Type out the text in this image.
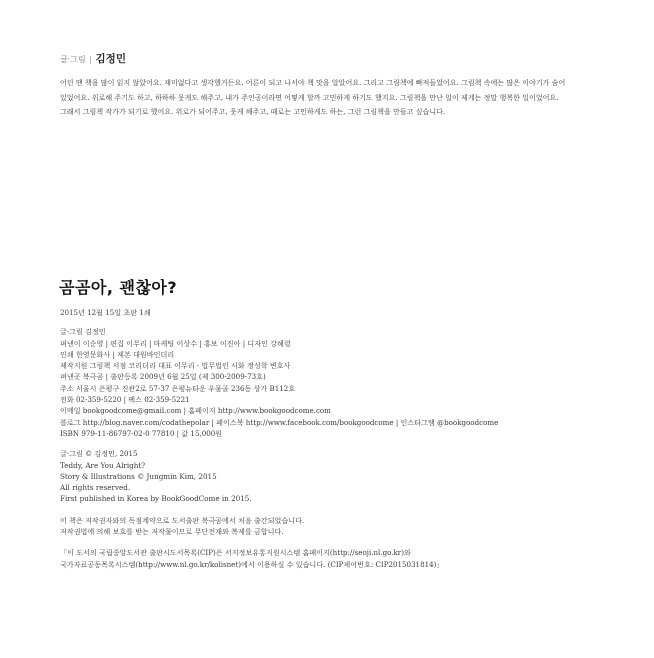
글·그림 | 김정민
어린 땐 책을 많이 읽지 않았어요. 재미없다고 생각했거든요. 어른이 되고 나서야 책 맛을 알았어요. 그리고 그림책에 빠져들었어요. 그림책 속에는 많은 이야기가 숨어 있었어요. 위로해 주기도 하고, 하하하 웃게도 해주고, 내가 주인공이라면 어떻게 할까 고민하게 하기도 했지요. 그림책을 만난 일이 제게는 정말 행복한 일이었어요. 그래서 그림책 작가가 되기로 했어요. 위로가 되어주고, 웃게 해주고, 때로는 고민하게도 하는, 그런 그림책을 만들고 싶습니다.
곰곰아, 괜찮아?
2015년 12월 15일 초판 1쇄
글·그림 김정민
펴낸이 이순영 | 편집 이무리 | 마케팅 이상수 | 홍보 이진아 | 디자인 강해령
인쇄 한영문화사 | 제본 대원바인더리
제작지원 그림책 서점 코리더리 대표 이무리 · 법무법인 시화 정성학 변호사
펴낸곳 북극곰 | 출판등록 2009년 6월 25일 (제 300-2009-73호)
주소 서울시 은평구 진관2로 57-37 은평뉴타운 우물골 236동 상가 B112호
전화 02-359-5220 | 팩스 02-359-5221
이메일 bookgoodcome@gmail.com | 홈페이지 http://www.bookgoodcome.com
블로그 http://blog.naver.com/codathepolar | 페이스북 http://www.facebook.com/bookgoodcome | 인스타그램 @bookgoodcome
ISBN 979-11-86797-02-0 77810 | 값 15,000원
글·그림 © 김정민, 2015
Teddy, Are You Alright?
Story & Illustrations © Jungmin Kim, 2015
All rights reserved.
First published in Korea by BookGoodCome in 2015.
이 책은 저작권자와의 독점계약으로 도서출판 북극곰에서 처음 출간되었습니다.
저작권법에 의해 보호를 받는 저작물이므로 무단전재와 복제를 금합니다.
「이 도서의 국립중앙도서관 출판시도서목록(CIP)은 서지정보유통지원시스템 홈페이지(http://seoji.nl.go.kr)와
국가자료공동목록시스템(http://www.nl.go.kr/kolisnet)에서 이용하실 수 있습니다. (CIP제어번호: CIP2015031814)」
